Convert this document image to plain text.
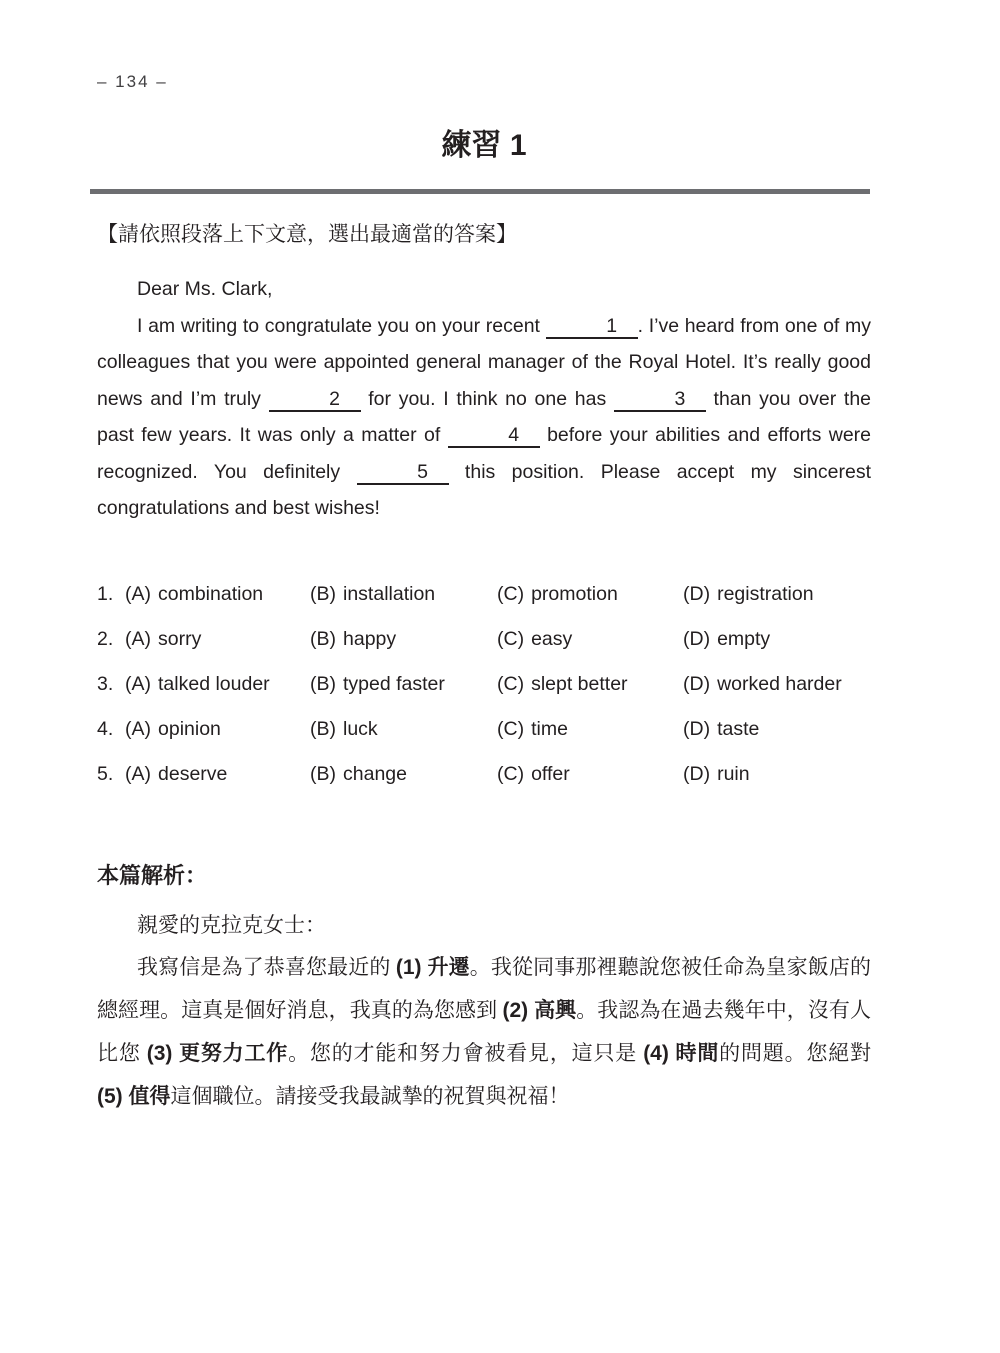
– 134 –
練習 1
【請依照段落上下文意，選出最適當的答案】

Dear Ms. Clark,

I am writing to congratulate you on your recent	1 . I’ve heard from one of my colleagues that you were appointed general manager of the Royal Hotel. It’s really good news and I’m truly	2 for you. I think no one has	3 than you over the past few years. It was only a matter of	4 before your abilities and efforts were recognized. You definitely	5 this position. Please accept my sincerest congratulations and best wishes!

1. (A) combination	(B) installation	(C) promotion	(D) registration
2. (A) sorry	(B) happy	(C) easy	(D) empty
3. (A) talked louder	(B) typed faster	(C) slept better	(D) worked harder
4. (A) opinion	(B) luck	(C) time	(D) taste
5. (A) deserve	(B) change	(C) offer	(D) ruin
本篇解析：

親愛的克拉克女士：

我寫信是為了恭喜您最近的 (1) 升遷。我從同事那裡聽說您被任命為皇家飯店的總經理。這真是個好消息，我真的為您感到 (2) 高興。我認為在過去幾年中，沒有人比您 (3) 更努力工作。您的才能和努力會被看見，這只是 (4) 時間的問題。您絕對 (5) 值得這個職位。請接受我最誠摯的祝賀與祝福！
